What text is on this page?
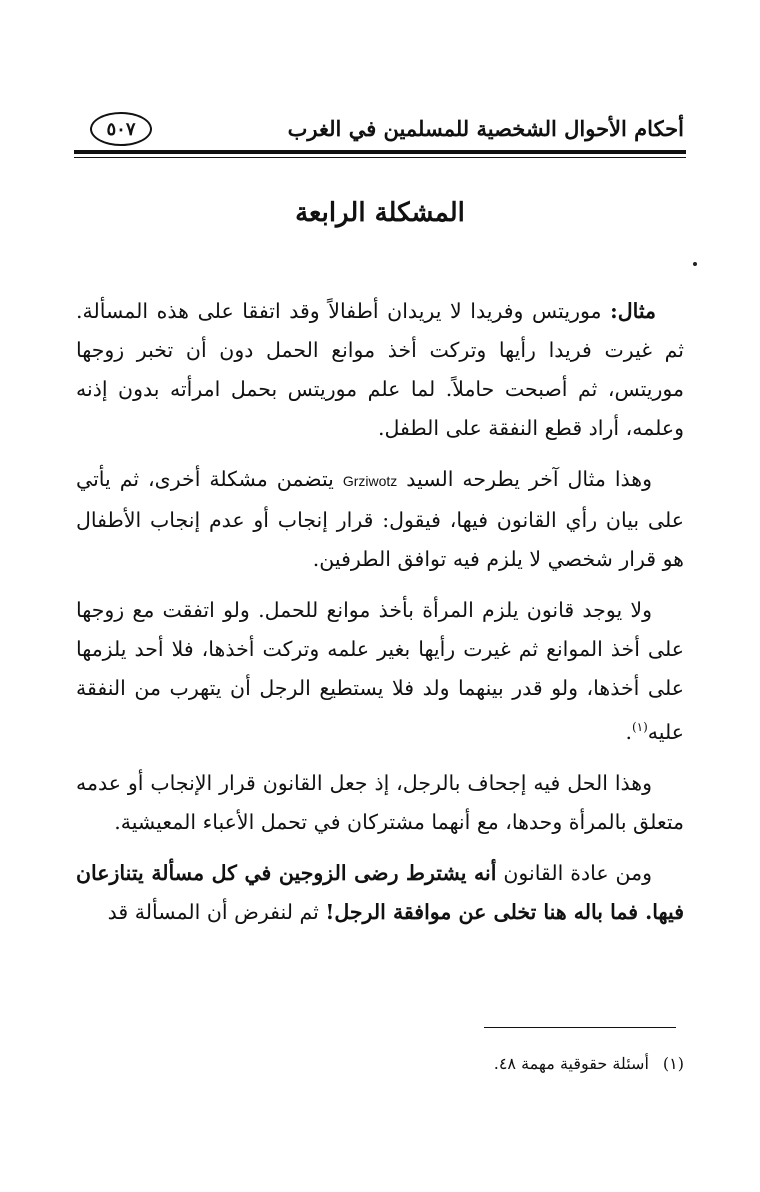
أحكام الأحوال الشخصية للمسلمين في الغرب
٥٠٧
المشكلة الرابعة

مثال: موريتس وفريدا لا يريدان أطفالاً وقد اتفقا على هذه المسألة. ثم غيرت فريدا رأيها وتركت أخذ موانع الحمل دون أن تخبر زوجها موريتس، ثم أصبحت حاملاً. لما علم موريتس بحمل امرأته بدون إذنه وعلمه، أراد قطع النفقة على الطفل.

وهذا مثال آخر يطرحه السيد Grziwotz يتضمن مشكلة أخرى، ثم يأتي على بيان رأي القانون فيها، فيقول: قرار إنجاب أو عدم إنجاب الأطفال هو قرار شخصي لا يلزم فيه توافق الطرفين.

ولا يوجد قانون يلزم المرأة بأخذ موانع للحمل. ولو اتفقت مع زوجها على أخذ الموانع ثم غيرت رأيها بغير علمه وتركت أخذها، فلا أحد يلزمها على أخذها، ولو قدر بينهما ولد فلا يستطيع الرجل أن يتهرب من النفقة عليه$^{(١)}$.

وهذا الحل فيه إجحاف بالرجل، إذ جعل القانون قرار الإنجاب أو عدمه متعلق بالمرأة وحدها، مع أنهما مشتركان في تحمل الأعباء المعيشية.

ومن عادة القانون أنه يشترط رضى الزوجين في كل مسألة يتنازعان فيها. فما باله هنا تخلى عن موافقة الرجل! ثم لنفرض أن المسألة قد

(١)أسئلة حقوقية مهمة ٤٨.
